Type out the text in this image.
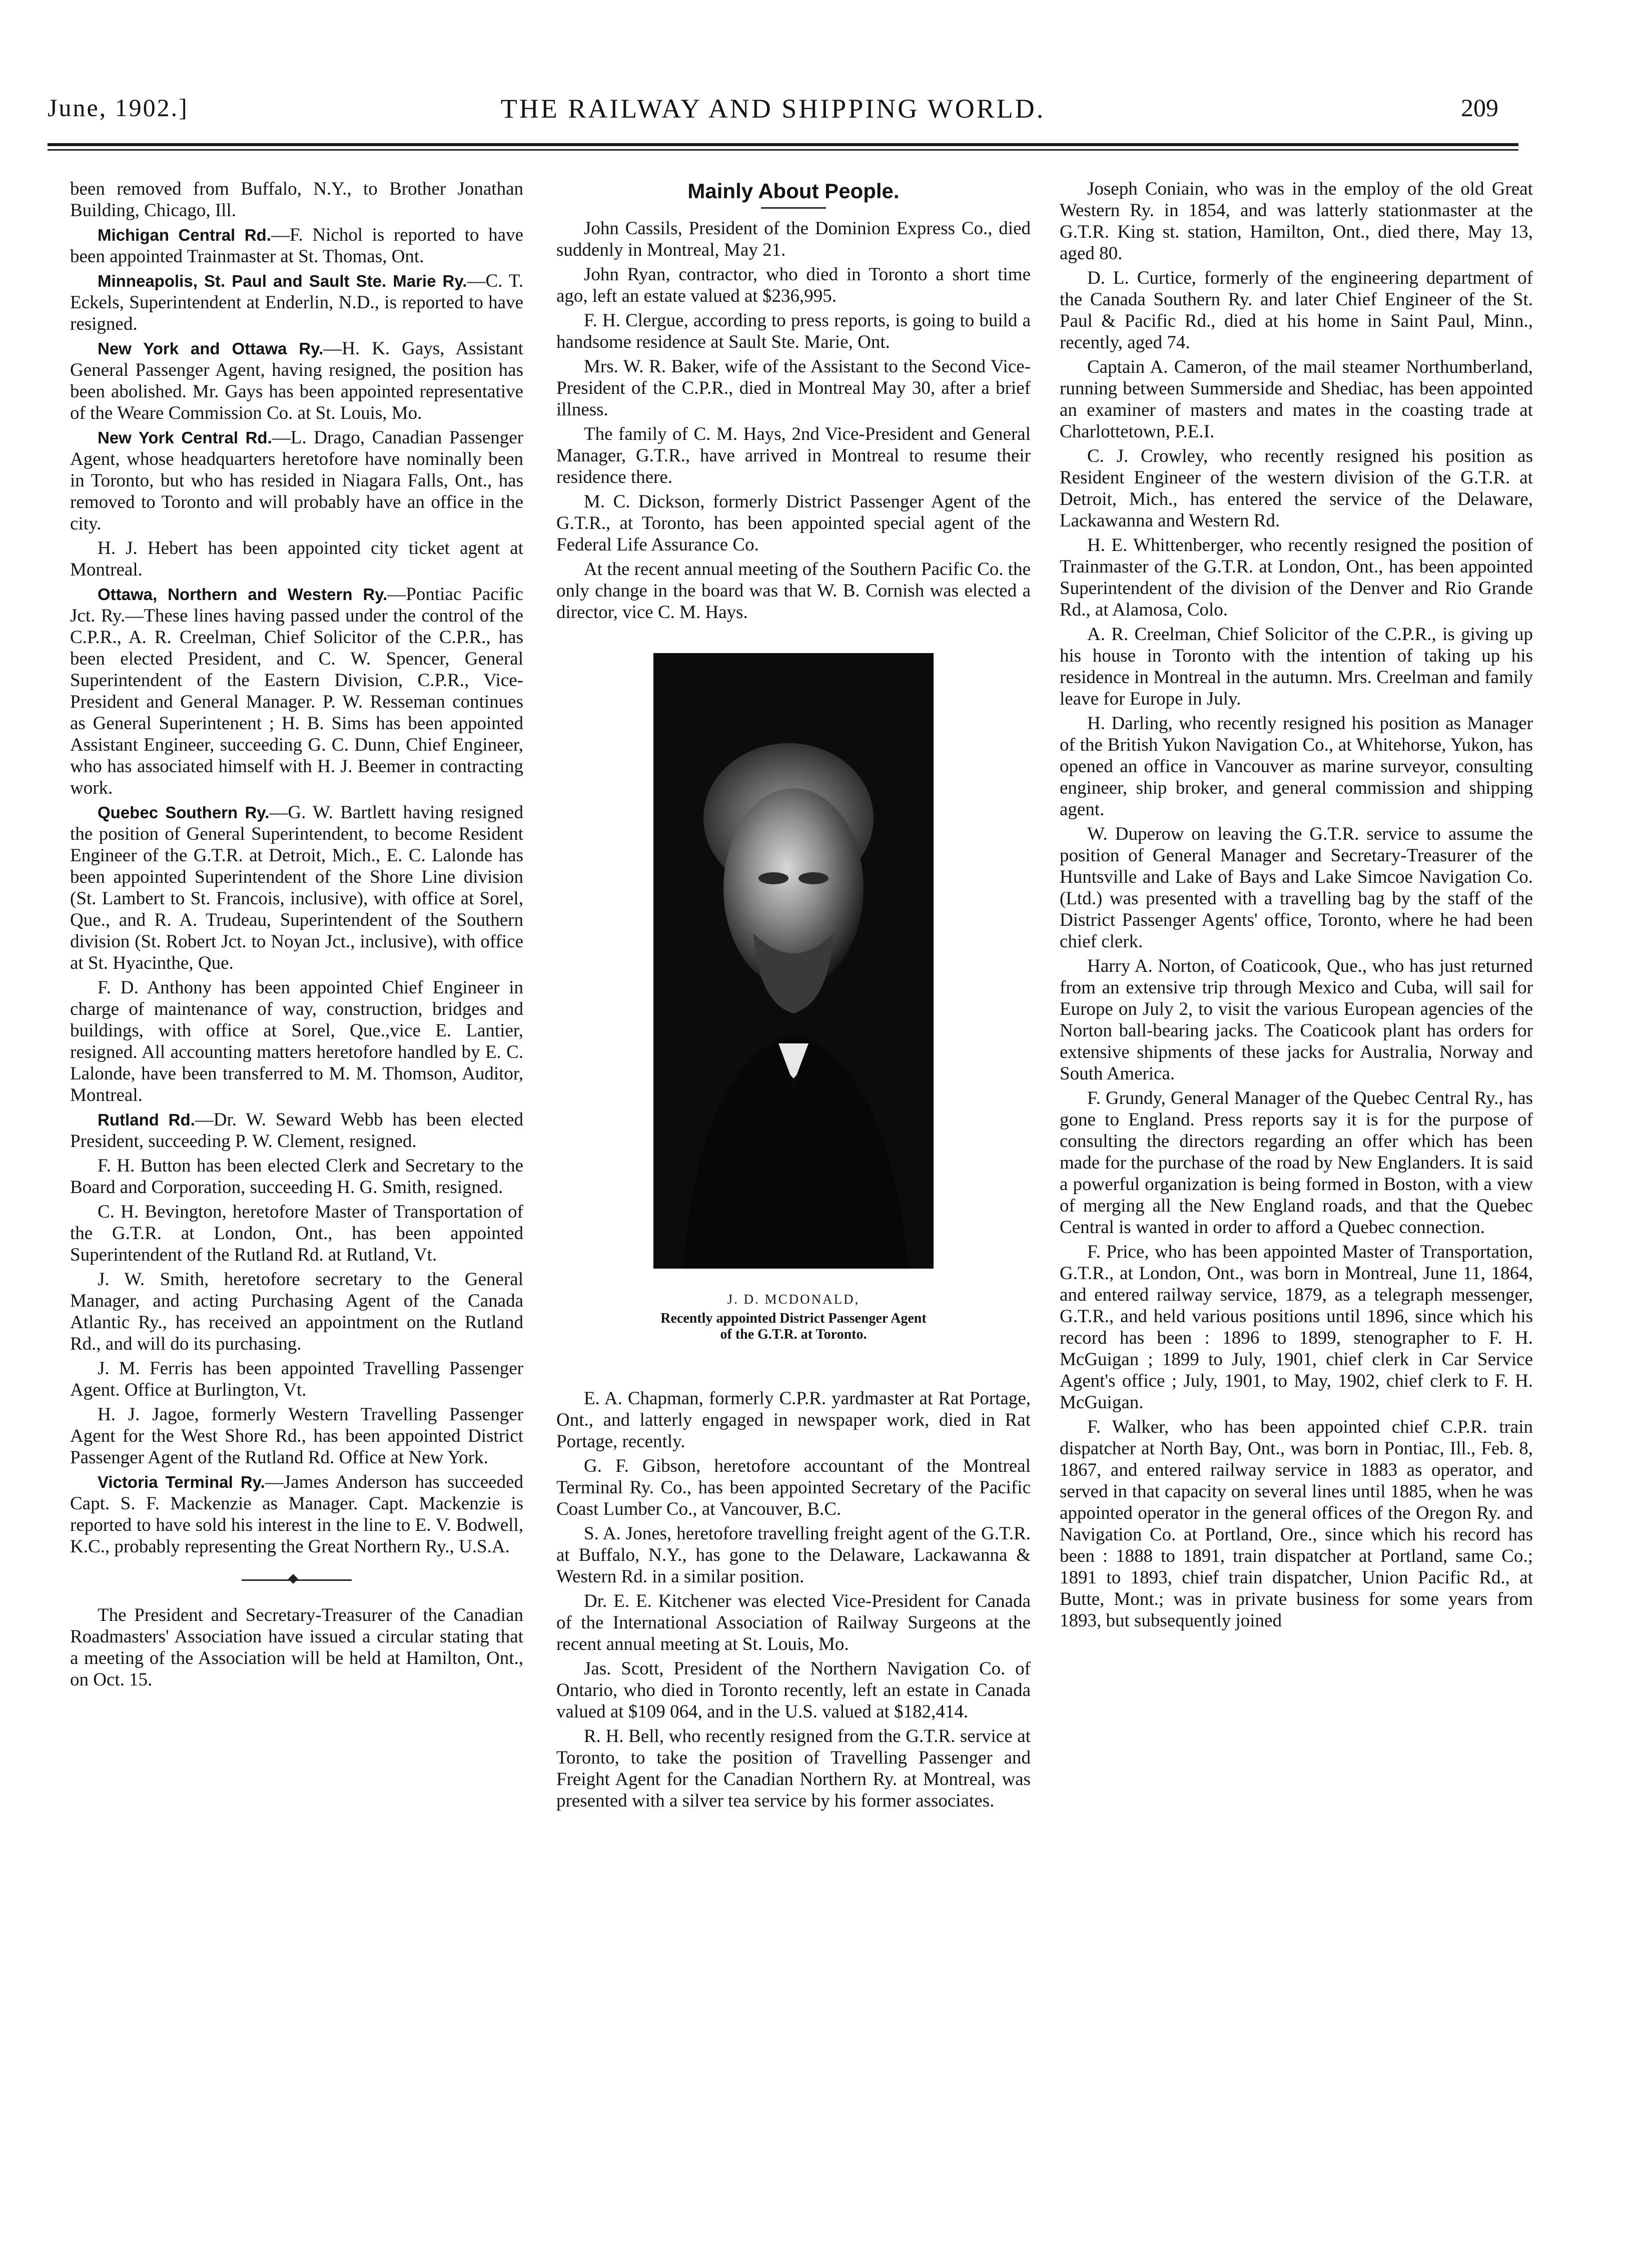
June, 1902.]	THE RAILWAY AND SHIPPING WORLD.	209

been removed from Buffalo, N.Y., to Brother Jonathan Building, Chicago, Ill.

Michigan Central Rd.—F. Nichol is reported to have been appointed Trainmaster at St. Thomas, Ont.

Minneapolis, St. Paul and Sault Ste. Marie Ry.—C. T. Eckels, Superintendent at Enderlin, N.D., is reported to have resigned.

New York and Ottawa Ry.—H. K. Gays, Assistant General Passenger Agent, having resigned, the position has been abolished. Mr. Gays has been appointed representative of the Weare Commission Co. at St. Louis, Mo.

New York Central Rd.—L. Drago, Canadian Passenger Agent, whose headquarters heretofore have nominally been in Toronto, but who has resided in Niagara Falls, Ont., has removed to Toronto and will probably have an office in the city.

H. J. Hebert has been appointed city ticket agent at Montreal.

Ottawa, Northern and Western Ry.—Pontiac Pacific Jct. Ry.—These lines having passed under the control of the C.P.R., A. R. Creelman, Chief Solicitor of the C.P.R., has been elected President, and C. W. Spencer, General Superintendent of the Eastern Division, C.P.R., Vice-President and General Manager. P. W. Resseman continues as General Superintenent ; H. B. Sims has been appointed Assistant Engineer, succeeding G. C. Dunn, Chief Engineer, who has associated himself with H. J. Beemer in contracting work.

Quebec Southern Ry.—G. W. Bartlett having resigned the position of General Superintendent, to become Resident Engineer of the G.T.R. at Detroit, Mich., E. C. Lalonde has been appointed Superintendent of the Shore Line division (St. Lambert to St. Francois, inclusive), with office at Sorel, Que., and R. A. Trudeau, Superintendent of the Southern division (St. Robert Jct. to Noyan Jct., inclusive), with office at St. Hyacinthe, Que.

F. D. Anthony has been appointed Chief Engineer in charge of maintenance of way, construction, bridges and buildings, with office at Sorel, Que.,vice E. Lantier, resigned. All accounting matters heretofore handled by E. C. Lalonde, have been transferred to M. M. Thomson, Auditor, Montreal.

Rutland Rd.—Dr. W. Seward Webb has been elected President, succeeding P. W. Clement, resigned.

F. H. Button has been elected Clerk and Secretary to the Board and Corporation, succeeding H. G. Smith, resigned.

C. H. Bevington, heretofore Master of Transportation of the G.T.R. at London, Ont., has been appointed Superintendent of the Rutland Rd. at Rutland, Vt.

J. W. Smith, heretofore secretary to the General Manager, and acting Purchasing Agent of the Canada Atlantic Ry., has received an appointment on the Rutland Rd., and will do its purchasing.

J. M. Ferris has been appointed Travelling Passenger Agent. Office at Burlington, Vt.

H. J. Jagoe, formerly Western Travelling Passenger Agent for the West Shore Rd., has been appointed District Passenger Agent of the Rutland Rd. Office at New York.

Victoria Terminal Ry.—James Anderson has succeeded Capt. S. F. Mackenzie as Manager. Capt. Mackenzie is reported to have sold his interest in the line to E. V. Bodwell, K.C., probably representing the Great Northern Ry., U.S.A.

The President and Secretary-Treasurer of the Canadian Roadmasters' Association have issued a circular stating that a meeting of the Association will be held at Hamilton, Ont., on Oct. 15.

Mainly About People.

John Cassils, President of the Dominion Express Co., died suddenly in Montreal, May 21.

John Ryan, contractor, who died in Toronto a short time ago, left an estate valued at $236,995.

F. H. Clergue, according to press reports, is going to build a handsome residence at Sault Ste. Marie, Ont.

Mrs. W. R. Baker, wife of the Assistant to the Second Vice-President of the C.P.R., died in Montreal May 30, after a brief illness.

The family of C. M. Hays, 2nd Vice-President and General Manager, G.T.R., have arrived in Montreal to resume their residence there.

M. C. Dickson, formerly District Passenger Agent of the G.T.R., at Toronto, has been appointed special agent of the Federal Life Assurance Co.

At the recent annual meeting of the Southern Pacific Co. the only change in the board was that W. B. Cornish was elected a director, vice C. M. Hays.

J. D. MCDONALD,
Recently appointed District Passenger Agent of the G.T.R. at Toronto.

E. A. Chapman, formerly C.P.R. yardmaster at Rat Portage, Ont., and latterly engaged in newspaper work, died in Rat Portage, recently.

G. F. Gibson, heretofore accountant of the Montreal Terminal Ry. Co., has been appointed Secretary of the Pacific Coast Lumber Co., at Vancouver, B.C.

S. A. Jones, heretofore travelling freight agent of the G.T.R. at Buffalo, N.Y., has gone to the Delaware, Lackawanna & Western Rd. in a similar position.

Dr. E. E. Kitchener was elected Vice-President for Canada of the International Association of Railway Surgeons at the recent annual meeting at St. Louis, Mo.

Jas. Scott, President of the Northern Navigation Co. of Ontario, who died in Toronto recently, left an estate in Canada valued at $109 064, and in the U.S. valued at $182,414.

R. H. Bell, who recently resigned from the G.T.R. service at Toronto, to take the position of Travelling Passenger and Freight Agent for the Canadian Northern Ry. at Montreal, was presented with a silver tea service by his former associates.

Joseph Coniain, who was in the employ of the old Great Western Ry. in 1854, and was latterly stationmaster at the G.T.R. King st. station, Hamilton, Ont., died there, May 13, aged 80.

D. L. Curtice, formerly of the engineering department of the Canada Southern Ry. and later Chief Engineer of the St. Paul & Pacific Rd., died at his home in Saint Paul, Minn., recently, aged 74.

Captain A. Cameron, of the mail steamer Northumberland, running between Summerside and Shediac, has been appointed an examiner of masters and mates in the coasting trade at Charlottetown, P.E.I.

C. J. Crowley, who recently resigned his position as Resident Engineer of the western division of the G.T.R. at Detroit, Mich., has entered the service of the Delaware, Lackawanna and Western Rd.

H. E. Whittenberger, who recently resigned the position of Trainmaster of the G.T.R. at London, Ont., has been appointed Superintendent of the division of the Denver and Rio Grande Rd., at Alamosa, Colo.

A. R. Creelman, Chief Solicitor of the C.P.R., is giving up his house in Toronto with the intention of taking up his residence in Montreal in the autumn. Mrs. Creelman and family leave for Europe in July.

H. Darling, who recently resigned his position as Manager of the British Yukon Navigation Co., at Whitehorse, Yukon, has opened an office in Vancouver as marine surveyor, consulting engineer, ship broker, and general commission and shipping agent.

W. Duperow on leaving the G.T.R. service to assume the position of General Manager and Secretary-Treasurer of the Huntsville and Lake of Bays and Lake Simcoe Navigation Co. (Ltd.) was presented with a travelling bag by the staff of the District Passenger Agents' office, Toronto, where he had been chief clerk.

Harry A. Norton, of Coaticook, Que., who has just returned from an extensive trip through Mexico and Cuba, will sail for Europe on July 2, to visit the various European agencies of the Norton ball-bearing jacks. The Coaticook plant has orders for extensive shipments of these jacks for Australia, Norway and South America.

F. Grundy, General Manager of the Quebec Central Ry., has gone to England. Press reports say it is for the purpose of consulting the directors regarding an offer which has been made for the purchase of the road by New Englanders. It is said a powerful organization is being formed in Boston, with a view of merging all the New England roads, and that the Quebec Central is wanted in order to afford a Quebec connection.

F. Price, who has been appointed Master of Transportation, G.T.R., at London, Ont., was born in Montreal, June 11, 1864, and entered railway service, 1879, as a telegraph messenger, G.T.R., and held various positions until 1896, since which his record has been : 1896 to 1899, stenographer to F. H. McGuigan ; 1899 to July, 1901, chief clerk in Car Service Agent's office ; July, 1901, to May, 1902, chief clerk to F. H. McGuigan.

F. Walker, who has been appointed chief C.P.R. train dispatcher at North Bay, Ont., was born in Pontiac, Ill., Feb. 8, 1867, and entered railway service in 1883 as operator, and served in that capacity on several lines until 1885, when he was appointed operator in the general offices of the Oregon Ry. and Navigation Co. at Portland, Ore., since which his record has been : 1888 to 1891, train dispatcher at Portland, same Co.; 1891 to 1893, chief train dispatcher, Union Pacific Rd., at Butte, Mont.; was in private business for some years from 1893, but subsequently joined
